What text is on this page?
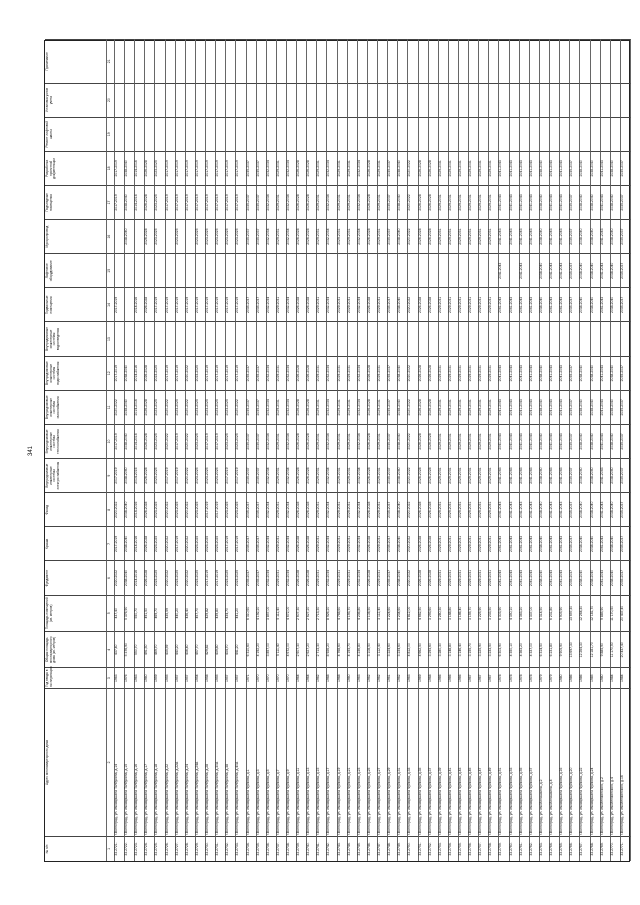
341
№ п/п
Адрес многоквартирного дома
Год ввода в эксплуатацию
Общая площадь многоквартирного дома (кв. метров)
Площадь помещений (кв. метров)
Фундамент
Крыша
Фасад
Внутридомовые инженерные системы электроснабжения
Внутридомовые инженерные системы теплоснабжения
Внутридомовые инженерные системы газоснабжения
Внутридомовые инженерные системы водоснабжения
Внутридомовые инженерные системы водоотведения
Подвальные помещения
Лифтовое оборудование
Мусоропровод
Подъездные помещения
Разработка проектной документации
Ремонт лифтовой шахты
Установка узлов учета
Примечание
1
2
3
4
5
6
7
8
9
10
11
12
13
14
15
16
17
18
19
20
21
33.2721.
г.Волгоград, ул. им.маршала Толбухина, д.14
1963
437,40
437,40
2020-2022
2017-2019
2020-2022
2017-2019
2017-2019
2020-2022
2017-2019
2017-2019
2017-2019
2017-2019
33.2722.
г.Волгоград, ул. им.маршала Толбухина, д.15
1976
5 376,90
5 376,90
2038-2040
2038-2040
2038-2040
2038-2040
2038-2040
2038-2040
2038-2040
2038-2040
2038-2040
2038-2040
33.2723.
г.Волгоград, ул. им.маршала Толбухина, д.16
1963
550,70
550,70
2014-2016
2014-2016
2014-2016
2014-2016
2014-2016
2014-2016
2014-2016
2014-2016
2014-2016
2014-2016
33.2724.
г.Волгоград, ул. им.маршала Толбухина, д.17
1960
491,50
491,50
2026-2028
2026-2028
2026-2028
2026-2028
2026-2028
2026-2028
2026-2028
2026-2028
2026-2028
2026-2028
2026-2028
33.2725.
г.Волгоград, ул. им.маршала Толбухина, д.18
1959
469,70
469,70
2023-2025
2023-2025
2023-2025
2023-2025
2023-2025
2023-2025
2023-2025
2017-2019
2023-2025
2023-2025
2023-2025
33.2726.
г.Волгоград, ул. им.маршала Толбухина, д.22
1955
435,59
435,59
2020-2022
2020-2022
2020-2022
2017-2019
2020-2022
2020-2022
2017-2019
2017-2019
2017-2019
2017-2019
33.2727.
г.Волгоград, ул. им.маршала Толбухина, д.22А
1957
440,20
440,20
2023-2025
2017-2019
2023-2025
2017-2019
2017-2019
2023-2025
2017-2019
2017-2019
2023-2025
2017-2019
2017-2019
33.2728.
г.Волгоград, ул. им.маршала Толбухина, д.24
1957
436,40
436,40
2020-2022
2020-2022
2020-2022
2020-2022
2020-2022
2020-2022
2020-2022
2017-2019
2017-2019
2017-2019
33.2729.
г.Волгоград, ул. им.маршала Толбухина, д.24А
1954
457,70
457,70
2023-2025
2023-2025
2023-2025
2023-2025
2023-2025
2023-2025
2023-2025
2017-2019
2023-2025
2017-2019
2017-2019
33.2730.
г.Волгоград, ул. им.маршала Толбухина, д.28
1958
429,82
429,82
2017-2019
2023-2025
2017-2019
2023-2025
2017-2019
2023-2025
2017-2019
2017-2019
2023-2025
2017-2019
2017-2019
33.2731.
г.Волгоград, ул. им.маршала Толбухина, д.30А
1955
439,80
439,80
2017-2019
2023-2025
2017-2019
2023-2025
2017-2019
2023-2025
2017-2019
2017-2019
2023-2025
2017-2019
2017-2019
33.2732.
г.Волгоград, ул. им.маршала Толбухина, д.38
1957
434,70
434,70
2023-2025
2017-2019
2023-2025
2017-2019
2023-2025
2023-2025
2017-2019
2017-2019
2023-2025
2017-2019
2017-2019
33.2733.
г.Волгоград, ул. им.маршала Толбухина, д.40А
1957
441,20
441,20
2023-2025
2017-2019
2023-2025
2017-2019
2023-2025
2020-2022
2017-2019
2017-2019
2023-2025
2017-2019
2017-2019
33.2734.
г.Волгоград, ул. им.маршала Чуйкова, д.1
1971
6 310,60
6 310,60
2035-2037
2035-2037
2035-2037
2035-2037
2035-2037
2035-2037
2035-2037
2035-2037
2035-2037
2035-2037
2035-2037
33.2735.
г.Волгоград, ул. им.маршала Чуйкова, д.3
1970
4 192,20
4 192,20
2035-2037
2035-2037
2035-2037
2035-2037
2035-2037
2035-2037
2035-2037
2035-2037
2035-2037
2035-2037
2035-2037
33.2736.
г.Волгоград, ул. им.маршала Чуйкова, д.5
1970
3 857,00
3 857,00
2032-2034
2032-2034
2032-2034
2032-2034
2032-2034
2032-2034
2032-2034
2032-2034
2032-2034
2032-2034
2032-2034
33.2737.
г.Волгоград, ул. им.маршала Чуйкова, д.7
1970
5 111,40
5 111,40
2029-2031
2029-2031
2029-2031
2029-2031
2029-2031
2029-2031
2029-2031
2029-2031
2029-2031
2029-2031
2029-2031
33.2738.
г.Волгоград, ул. им.маршала Чуйкова, д.9
1970
4 672,00
4 672,00
2032-2034
2032-2034
2032-2034
2032-2034
2032-2034
2032-2034
2032-2034
2032-2034
2032-2034
2032-2034
2032-2034
33.2739.
г.Волгоград, ул. им.маршала Чуйкова, д.11
1964
2 607,30
2 607,30
2026-2028
2026-2028
2026-2028
2026-2028
2026-2028
2026-2028
2026-2028
2026-2028
2026-2028
2026-2028
2026-2028
33.2740.
г.Волгоград, ул. им.маршала Чуйкова, д.13
1964
2 627,20
2 627,20
2026-2028
2026-2028
2026-2028
2026-2028
2026-2028
2026-2028
2026-2028
2026-2028
2026-2028
2026-2028
2026-2028
33.2741.
г.Волгоград, ул. им.маршала Чуйкова, д.15
1962
2 713,30
2 713,30
2029-2031
2029-2031
2029-2031
2029-2031
2029-2031
2029-2031
2029-2031
2029-2031
2029-2031
2029-2031
2029-2031
33.2742.
г.Волгоград, ул. им.маршала Чуйкова, д.17
1968
8 926,20
8 926,20
2032-2034
2032-2034
2032-2034
2032-2034
2032-2034
2032-2034
2032-2034
2032-2034
2032-2034
2032-2034
2032-2034
33.2743.
г.Волгоград, ул. им.маршала Чуйкова, д.19
1968
4 768,60
4 768,60
2029-2031
2029-2031
2029-2031
2029-2031
2029-2031
2029-2031
2029-2031
2029-2031
2029-2031
2029-2031
2029-2031
33.2744.
г.Волгоград, ул. им.маршала Чуйкова, д.21
1960
4 193,70
4 193,70
2029-2031
2029-2031
2029-2031
2029-2031
2029-2031
2029-2031
2029-2031
2029-2031
2029-2031
2029-2031
2029-2031
33.2745.
г.Волгоград, ул. им.маршала Чуйкова, д.23
1963
4 236,80
4 236,80
2032-2034
2032-2034
2032-2034
2032-2034
2032-2034
2032-2034
2032-2034
2032-2034
2032-2034
2032-2034
2032-2034
33.2746.
г.Волгоград, ул. им.маршала Чуйкова, д.25
1962
3 108,50
3 108,50
2026-2028
2026-2028
2026-2028
2026-2028
2026-2028
2026-2028
2026-2028
2026-2028
2026-2028
2026-2028
2026-2028
33.2747.
г.Волгоград, ул. им.маршала Чуйкова, д.27
1962
3 112,40
3 112,40
2029-2031
2029-2031
2029-2031
2029-2031
2029-2031
2029-2031
2029-2031
2029-2031
2029-2031
2029-2031
2029-2031
33.2748.
г.Волгоград, ул. им.маршала Чуйкова, д.29
1961
3 224,60
3 224,60
2035-2037
2035-2037
2035-2037
2035-2037
2035-2037
2035-2037
2035-2037
2035-2037
2035-2037
2035-2037
2035-2037
33.2749.
г.Волгоград, ул. им.маршала Чуйкова, д.31
1962
3 234,60
3 234,60
2038-2040
2038-2040
2038-2040
2038-2040
2038-2040
2038-2040
2038-2040
2038-2040
2038-2040
2038-2040
2038-2040
33.2750.
г.Волгоград, ул. им.маршала Чуйкова, д.33
1963
4 812,00
4 812,00
2020-2022
2020-2022
2020-2022
2020-2022
2020-2022
2020-2022
2020-2022
2020-2022
2020-2022
2020-2022
2020-2022
33.2751.
г.Волгоград, ул. им.маршала Чуйкова, д.35
1969
4 662,50
4 662,50
2026-2028
2026-2028
2026-2028
2026-2028
2026-2028
2026-2028
2026-2028
2026-2028
2026-2028
2026-2028
2026-2028
33.2752.
г.Волгоград, ул. им.маршала Чуйкова, д.37
1968
3 293,60
3 293,60
2026-2028
2026-2028
2026-2028
2026-2028
2026-2028
2026-2028
2026-2028
2026-2028
2026-2028
2026-2028
2026-2028
33.2753.
г.Волгоград, ул. им.маршала Чуйкова, д.39
1966
3 280,30
3 280,30
2029-2031
2029-2031
2029-2031
2029-2031
2029-2031
2029-2031
2029-2031
2029-2031
2029-2031
2029-2031
2029-2031
33.2754.
г.Волгоград, ул. им.маршала Чуйкова, д.41
1966
3 148,80
3 148,80
2029-2031
2029-2031
2029-2031
2029-2031
2029-2031
2029-2031
2029-2031
2029-2031
2029-2031
2029-2031
2029-2031
33.2755.
г.Волгоград, ул. им.маршала Чуйкова, д.43
1966
3 146,40
3 146,40
2029-2031
2029-2031
2029-2031
2029-2031
2029-2031
2029-2031
2029-2031
2029-2031
2029-2031
2029-2031
2029-2031
33.2756.
г.Волгоград, ул. им.маршала Чуйкова, д.45
1967
3 155,70
3 155,70
2029-2031
2029-2031
2029-2031
2029-2031
2029-2031
2029-2031
2029-2031
2029-2031
2029-2031
2029-2031
2029-2031
33.2757.
г.Волгоград, ул. им.маршала Чуйкова, д.47
1967
3 225,90
3 225,90
2029-2031
2029-2031
2029-2031
2029-2031
2029-2031
2029-2031
2029-2031
2029-2031
2029-2031
2029-2031
2029-2031
33.2758.
г.Волгоград, ул. им.маршала Чуйкова, д.49
1967
3 233,50
3 233,50
2029-2031
2029-2031
2029-2031
2029-2031
2029-2031
2029-2031
2029-2031
2029-2031
2029-2031
2029-2031
2029-2031
33.2759.
г.Волгоград, ул. им.маршала Чуйкова, д.51
1978
6 303,90
6 303,90
2041-2043
2041-2043
2041-2043
2041-2043
2041-2043
2041-2043
2041-2043
2041-2043
2041-2043
2041-2043
2041-2043
2041-2043
33.2760.
г.Волгоград, ул. им.маршала Чуйкова, д.53
1978
4 350,10
4 350,10
2041-2043
2041-2043
2041-2043
2041-2043
2041-2043
2041-2043
2041-2043
2041-2043
2041-2043
2041-2043
2041-2043
33.2761.
г.Волгоград, ул. им.маршала Чуйкова, д.55
1978
4 363,20
4 363,20
2041-2043
2041-2043
2041-2043
2041-2043
2041-2043
2041-2043
2041-2043
2041-2043
2041-2043
2041-2043
2041-2043
2041-2043
33.2762.
г.Волгоград, ул. им.маршала Чуйкова, д.57
1978
4 337,00
4 337,00
2041-2043
2041-2043
2041-2043
2041-2043
2041-2043
2041-2043
2041-2043
2041-2043
2041-2043
2041-2043
2041-2043
33.2763.
г.Волгоград, ул. им.Минашкина, д.2
1979
6 314,50
6 314,50
2038-2040
2038-2040
2038-2040
2038-2040
2038-2040
2038-2040
2038-2040
2038-2040
2038-2040
2038-2040
2038-2040
2038-2040
33.2764.
г.Волгоград, ул. им.Минашкина, д.4
1979
6 231,80
6 231,80
2041-2043
2041-2043
2041-2043
2041-2043
2041-2043
2041-2043
2041-2043
2041-2043
2041-2043
2041-2043
2041-2043
2041-2043
33.2765.
г.Волгоград, ул. им.маршала Чуйкова, д.16
1980
9 905,90
9 905,90
2041-2043
2041-2043
2041-2043
2041-2043
2041-2043
2041-2043
2041-2043
2041-2043
2041-2043
2041-2043
2041-2043
2041-2043
33.2766.
г.Волгоград, ул. им.маршала Чуйкова, д.20
1986
13 697,30
13 697,30
2035-2037
2035-2037
2035-2037
2035-2037
2035-2037
2035-2037
2035-2037
2035-2037
2035-2037
2035-2037
2035-2037
2035-2037
33.2767.
г.Волгоград, ул. им.маршала Чуйкова, д.22
1986
12 264,30
12 264,30
2038-2040
2038-2040
2038-2040
2038-2040
2038-2040
2038-2040
2038-2040
2038-2040
2038-2040
2038-2040
2038-2040
2038-2040
33.2768.
г.Волгоград, ул. им.маршала Чуйкова, д.24
1985
12 181,70
12 181,70
2038-2040
2038-2040
2038-2040
2038-2040
2038-2040
2038-2040
2038-2040
2038-2040
2038-2040
2038-2040
2038-2040
2038-2040
33.2769.
г.Волгоград, ул. им.Менжинского, д.2
1980
9 885,90
9 885,90
2041-2043
2041-2043
2041-2043
2041-2043
2041-2043
2041-2043
2041-2043
2041-2043
2041-2043
2041-2043
2041-2043
2041-2043
33.2770.
г.Волгоград, ул. им.Менжинского, д.4
1984
11 170,50
11 170,50
2038-2040
2038-2040
2038-2040
2038-2040
2038-2040
2038-2040
2038-2040
2038-2040
2038-2040
2038-2040
2038-2040
2038-2040
33.2771.
г.Волгоград, ул. им.Менжинского, д.16
1984
20 437,40
20 437,40
2035-2037
2035-2037
2035-2037
2035-2037
2035-2037
2035-2037
2035-2037
2035-2037
2035-2037
2035-2037
2035-2037
2035-2037
